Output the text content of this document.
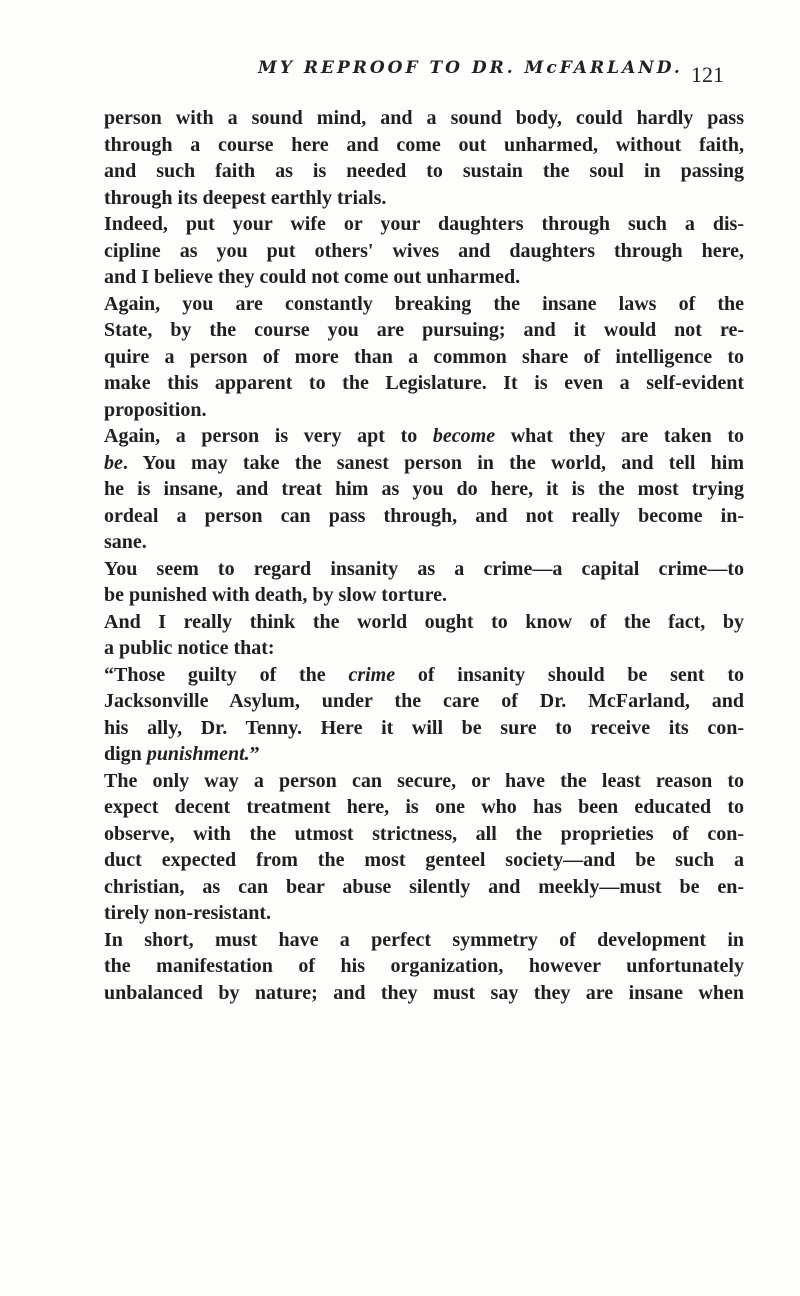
MY REPROOF TO DR. McFARLAND. 121
person with a sound mind, and a sound body, could hardly pass
through a course here and come out unharmed, without faith,
and such faith as is needed to sustain the soul in passing
through its deepest earthly trials.
Indeed, put your wife or your daughters through such a dis-
cipline as you put others' wives and daughters through here,
and I believe they could not come out unharmed.
Again, you are constantly breaking the insane laws of the
State, by the course you are pursuing; and it would not re-
quire a person of more than a common share of intelligence to
make this apparent to the Legislature. It is even a self-evident
proposition.
Again, a person is very apt to become what they are taken to
be. You may take the sanest person in the world, and tell him
he is insane, and treat him as you do here, it is the most trying
ordeal a person can pass through, and not really become in-
sane.
You seem to regard insanity as a crime—a capital crime—to
be punished with death, by slow torture.
And I really think the world ought to know of the fact, by
a public notice that:
“Those guilty of the crime of insanity should be sent to
Jacksonville Asylum, under the care of Dr. McFarland, and
his ally, Dr. Tenny. Here it will be sure to receive its con-
dign punishment.”
The only way a person can secure, or have the least reason to
expect decent treatment here, is one who has been educated to
observe, with the utmost strictness, all the proprieties of con-
duct expected from the most genteel society—and be such a
christian, as can bear abuse silently and meekly—must be en-
tirely non-resistant.
In short, must have a perfect symmetry of development in
the manifestation of his organization, however unfortunately
unbalanced by nature; and they must say they are insane when
